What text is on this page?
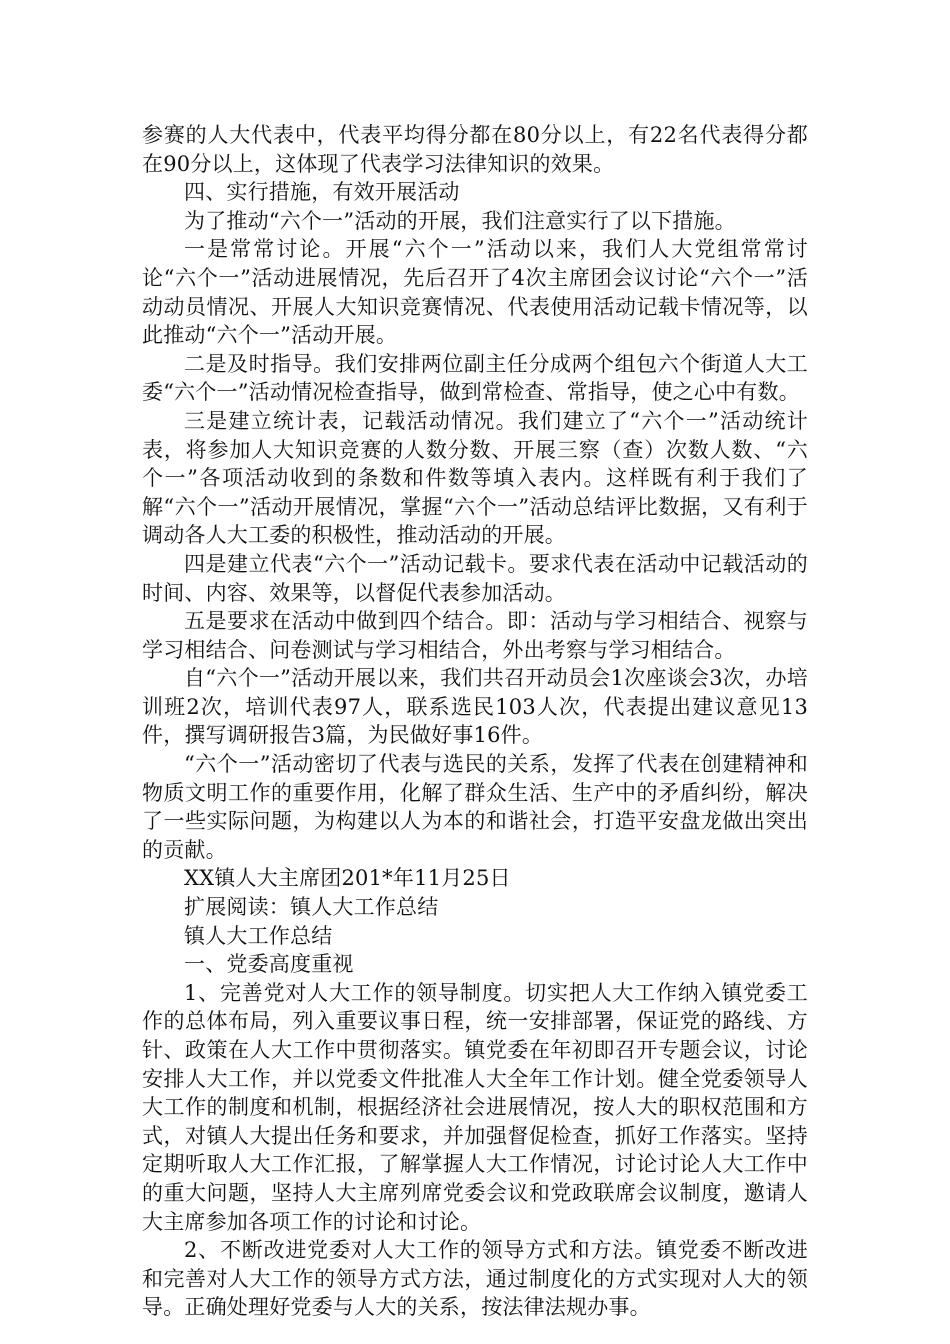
参赛的人大代表中，代表平均得分都在80分以上，有22名代表得分都在90分以上，这体现了代表学习法律知识的效果。

四、实行措施，有效开展活动

为了推动“六个一”活动的开展，我们注意实行了以下措施。

一是常常讨论。开展“六个一”活动以来，我们人大党组常常讨论“六个一”活动进展情况，先后召开了4次主席团会议讨论“六个一”活动动员情况、开展人大知识竞赛情况、代表使用活动记载卡情况等，以此推动“六个一”活动开展。

二是及时指导。我们安排两位副主任分成两个组包六个街道人大工委“六个一”活动情况检查指导，做到常检查、常指导，使之心中有数。

三是建立统计表，记载活动情况。我们建立了“六个一”活动统计表，将参加人大知识竞赛的人数分数、开展三察（查）次数人数、“六个一”各项活动收到的条数和件数等填入表内。这样既有利于我们了解“六个一”活动开展情况，掌握“六个一”活动总结评比数据，又有利于调动各人大工委的积极性，推动活动的开展。

四是建立代表“六个一”活动记载卡。要求代表在活动中记载活动的时间、内容、效果等，以督促代表参加活动。

五是要求在活动中做到四个结合。即：活动与学习相结合、视察与学习相结合、问卷测试与学习相结合，外出考察与学习相结合。

自“六个一”活动开展以来，我们共召开动员会1次座谈会3次，办培训班2次，培训代表97人，联系选民103人次，代表提出建议意见13件，撰写调研报告3篇，为民做好事16件。

“六个一”活动密切了代表与选民的关系，发挥了代表在创建精神和物质文明工作的重要作用，化解了群众生活、生产中的矛盾纠纷，解决了一些实际问题，为构建以人为本的和谐社会，打造平安盘龙做出突出的贡献。

XX镇人大主席团201*年11月25日

扩展阅读：镇人大工作总结

镇人大工作总结

一、党委高度重视

1、完善党对人大工作的领导制度。切实把人大工作纳入镇党委工作的总体布局，列入重要议事日程，统一安排部署，保证党的路线、方针、政策在人大工作中贯彻落实。镇党委在年初即召开专题会议，讨论安排人大工作，并以党委文件批准人大全年工作计划。健全党委领导人大工作的制度和机制，根据经济社会进展情况，按人大的职权范围和方式，对镇人大提出任务和要求，并加强督促检查，抓好工作落实。坚持定期听取人大工作汇报，了解掌握人大工作情况，讨论讨论人大工作中的重大问题，坚持人大主席列席党委会议和党政联席会议制度，邀请人大主席参加各项工作的讨论和讨论。

2、不断改进党委对人大工作的领导方式和方法。镇党委不断改进和完善对人大工作的领导方式方法，通过制度化的方式实现对人大的领导。正确处理好党委与人大的关系，按法律法规办事。
